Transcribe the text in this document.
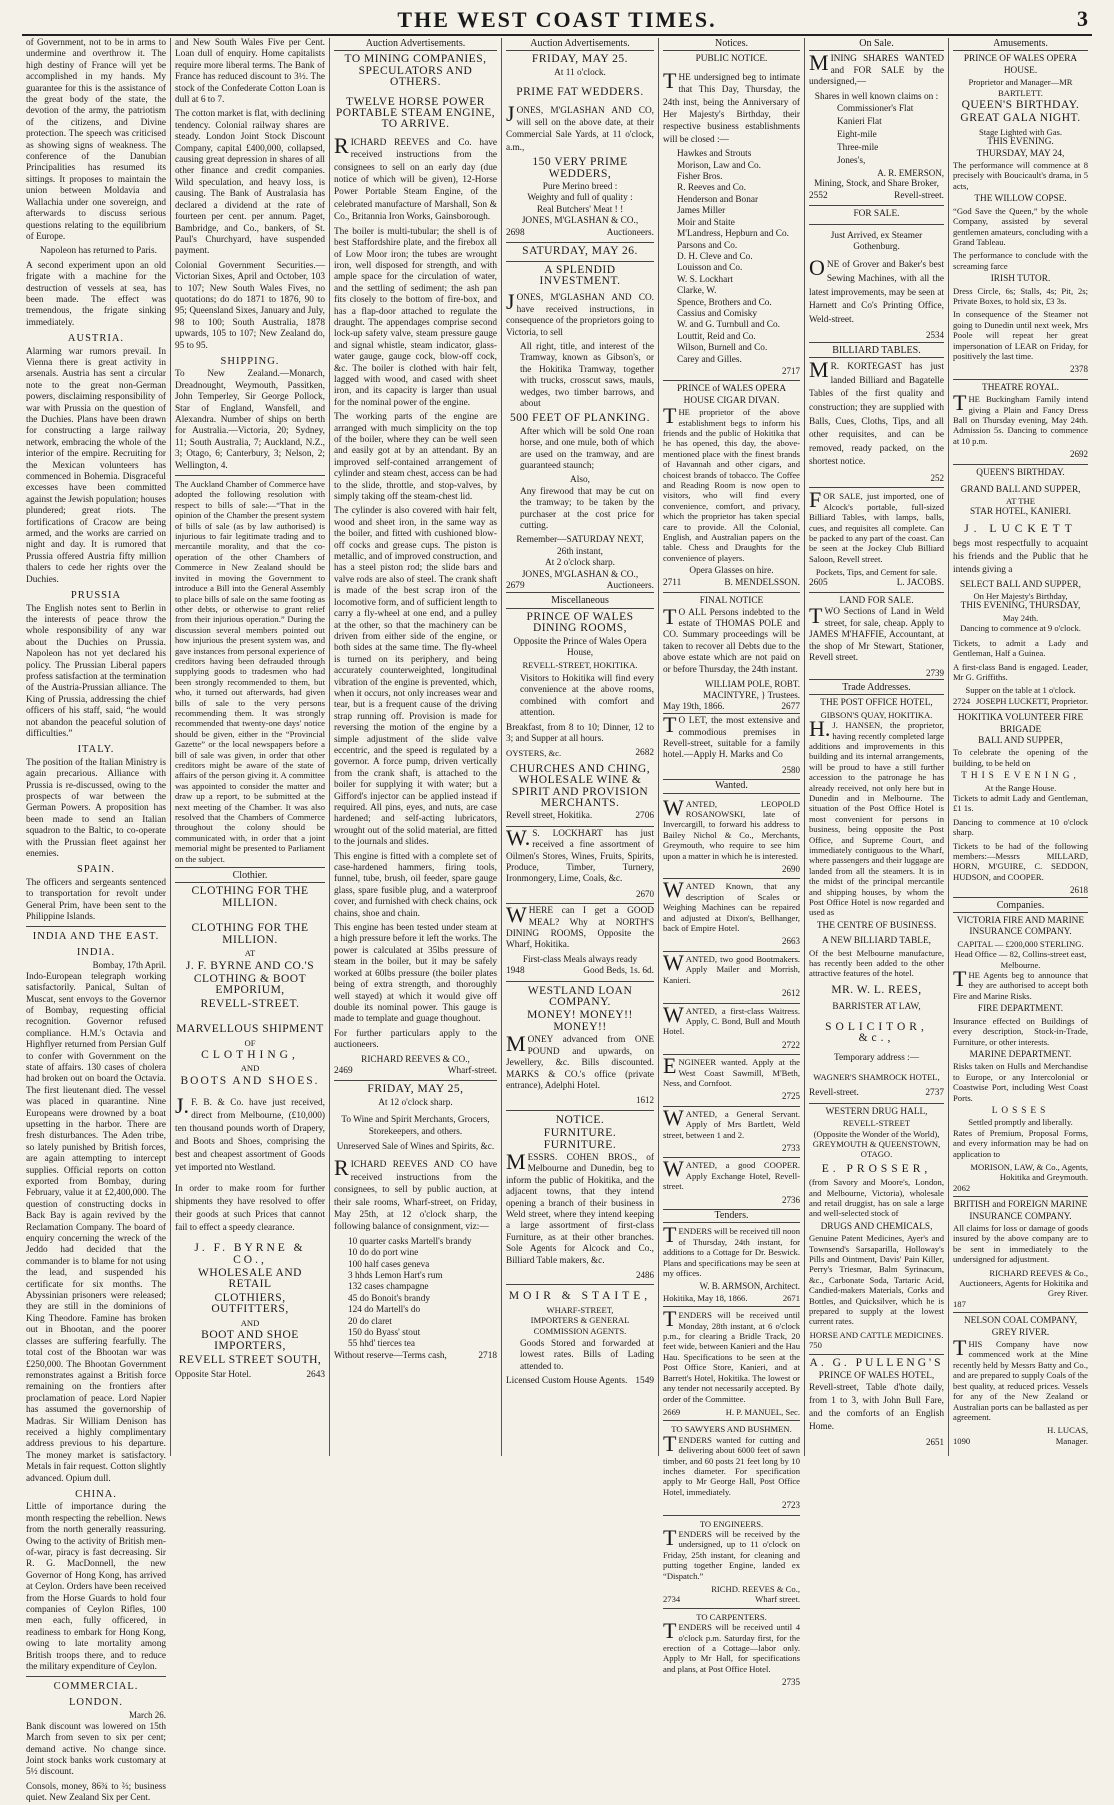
THE WEST COAST TIMES.	3

of Government, not to be in arms to undermine and overthrow it. The high destiny of France will yet be accomplished in my hands. My guarantee for this is the assistance of the great body of the state, the devotion of the army, the patriotism of the citizens, and Divine protection. The speech was criticised as showing signs of weakness. The conference of the Danubian Principalities has resumed its sittings. It proposes to maintain the union between Moldavia and Wallachia under one sovereign, and afterwards to discuss serious questions relating to the equilibrium of Europe.

Napoleon has returned to Paris.

A second experiment upon an old frigate with a machine for the destruction of vessels at sea, has been made. The effect was tremendous, the frigate sinking immediately.

AUSTRIA.

Alarming war rumors prevail. In Vienna there is great activity in arsenals. Austria has sent a circular note to the great non-German powers, disclaiming responsibility of war with Prussia on the question of the Duchies. Plans have been drawn for constructing a large railway network, embracing the whole of the interior of the empire. Recruiting for the Mexican volunteers has commenced in Bohemia. Disgraceful excesses have been committed against the Jewish population; houses plundered; great riots. The fortifications of Cracow are being armed, and the works are carried on night and day. It is rumored that Prussia offered Austria fifty million thalers to cede her rights over the Duchies.

PRUSSIA

The English notes sent to Berlin in the interests of peace throw the whole responsibility of any war about the Duchies on Prussia. Napoleon has not yet declared his policy. The Prussian Liberal papers profess satisfaction at the termination of the Austria-Prussian alliance. The King of Prussia, addressing the chief officers of his staff, said, “he would not abandon the peaceful solution of difficulties.”

ITALY.

The position of the Italian Ministry is again precarious. Alliance with Prussia is re-discussed, owing to the prospects of war between the German Powers. A proposition has been made to send an Italian squadron to the Baltic, to co-operate with the Prussian fleet against her enemies.

SPAIN.

The officers and sergeants sentenced to transportation for revolt under General Prim, have been sent to the Philippine Islands.

INDIA AND THE EAST.
INDIA.
Bombay, 17th April.

Indo-European telegraph working satisfactorily. Panical, Sultan of Muscat, sent envoys to the Governor of Bombay, requesting official recognition. Governor refused compliance. H.M.'s Octavia and Highflyer returned from Persian Gulf to confer with Government on the state of affairs. 130 cases of cholera had broken out on board the Octavia. The first lieutenant died. The vessel was placed in quarantine. Nine Europeans were drowned by a boat upsetting in the harbor. There are fresh disturbances. The Aden tribe, so lately punished by British forces, are again attempting to intercept supplies. Official reports on cotton exported from Bombay, during February, value it at £2,400,000. The question of constructing docks in Back Bay is again revived by the Reclamation Company. The board of enquiry concerning the wreck of the Jeddo had decided that the commander is to blame for not using the lead, and suspended his certificate for six months. The Abyssinian prisoners were released; they are still in the dominions of King Theodore. Famine has broken out in Bhootan, and the poorer classes are suffering fearfully. The total cost of the Bhootan war was £250,000. The Bhootan Government remonstrates against a British force remaining on the frontiers after proclamation of peace. Lord Napier has assumed the governorship of Madras. Sir William Denison has received a highly complimentary address previous to his departure. The money market is satisfactory. Metals in fair request. Cotton slightly advanced. Opium dull.

CHINA.

Little of importance during the month respecting the rebellion. News from the north generally reassuring. Owing to the activity of British men-of-war, piracy is fast decreasing. Sir R. G. MacDonnell, the new Governor of Hong Kong, has arrived at Ceylon. Orders have been received from the Horse Guards to hold four companies of Ceylon Rifles, 100 men each, fully officered, in readiness to embark for Hong Kong, owing to late mortality among British troops there, and to reduce the military expenditure of Ceylon.

COMMERCIAL.
LONDON.
March 26.

Bank discount was lowered on 15th March from seven to six per cent; demand active. No change since. Joint stock banks work customary at 5½ discount.

Consols, money, 86¾ to ⅔; business quiet. New Zealand Six per Cent.

and New South Wales Five per Cent. Loan dull of enquiry. Home capitalists require more liberal terms. The Bank of France has reduced discount to 3½. The stock of the Confederate Cotton Loan is dull at 6 to 7.

The cotton market is flat, with declining tendency. Colonial railway shares are steady. London Joint Stock Discount Company, capital £400,000, collapsed, causing great depression in shares of all other finance and credit companies. Wild speculation, and heavy loss, is causing. The Bank of Australasia has declared a dividend at the rate of fourteen per cent. per annum. Paget, Bambridge, and Co., bankers, of St. Paul's Churchyard, have suspended payment.

Colonial Government Securities.—Victorian Sixes, April and October, 103 to 107; New South Wales Fives, no quotations; do do 1871 to 1876, 90 to 95; Queensland Sixes, January and July, 98 to 100; South Australia, 1878 upwards, 105 to 107; New Zealand do, 95 to 95.

SHIPPING.

To New Zealand.—Monarch, Dreadnought, Weymouth, Passitken, John Temperley, Sir George Pollock, Star of England, Wansfell, and Alexandra. Number of ships on berth for Australia.—Victoria, 20; Sydney, 11; South Australia, 7; Auckland, N.Z., 3; Otago, 6; Canterbury, 3; Nelson, 2; Wellington, 4.

The Auckland Chamber of Commerce have adopted the following resolution with respect to bills of sale:—“That in the opinion of the Chamber the present system of bills of sale (as by law authorised) is injurious to fair legitimate trading and to mercantile morality, and that the co-operation of the other Chambers of Commerce in New Zealand should be invited in moving the Government to introduce a Bill into the General Assembly to place bills of sale on the same footing as other debts, or otherwise to grant relief from their injurious operation.” During the discussion several members pointed out how injurious the present system was, and gave instances from personal experience of creditors having been defrauded through supplying goods to tradesmen who had been strongly recommended to them, but who, it turned out afterwards, had given bills of sale to the very persons recommending them. It was strongly recommended that twenty-one days' notice should be given, either in the “Provincial Gazette” or the local newspapers before a bill of sale was given, in order that other creditors might be aware of the state of affairs of the person giving it. A committee was appointed to consider the matter and draw up a report, to be submitted at the next meeting of the Chamber. It was also resolved that the Chambers of Commerce throughout the colony should be communicated with, in order that a joint memorial might be presented to Parliament on the subject.

Clothier.
CLOTHING FOR THE MILLION.
CLOTHING FOR THE MILLION.
AT
J. F. BYRNE AND CO.'S
CLOTHING & BOOT EMPORIUM,
REVELL-STREET.
MARVELLOUS SHIPMENT
OF
CLOTHING,
AND
BOOTS AND SHOES.

J.F. B. & Co. have just received, direct from Melbourne, (£10,000) ten thousand pounds worth of Drapery, and Boots and Shoes, comprising the best and cheapest assortment of Goods yet imported nto Westland.

In order to make room for further shipments they have resolved to offer their goods at such Prices that cannot fail to effect a speedy clearance.

J. F. BYRNE & CO.,
WHOLESALE AND RETAIL
CLOTHIERS, OUTFITTERS,
AND
BOOT AND SHOE IMPORTERS,
REVELL STREET SOUTH,
Opposite Star Hotel.	2643
Auction Advertisements.
TO MINING COMPANIES, SPECULATORS AND OTHERS.
TWELVE HORSE POWER PORTABLE STEAM ENGINE, TO ARRIVE.

RICHARD REEVES and Co. have received instructions from the consignees to sell on an early day (due notice of which will be given), 12-Horse Power Portable Steam Engine, of the celebrated manufacture of Marshall, Son & Co., Britannia Iron Works, Gainsborough.

The boiler is multi-tubular; the shell is of best Staffordshire plate, and the firebox all of Low Moor iron; the tubes are wrought iron, well disposed for strength, and with ample space for the circulation of water, and the settling of sediment; the ash pan fits closely to the bottom of fire-box, and has a flap-door attached to regulate the draught. The appendages comprise second lock-up safety valve, steam pressure gauge and signal whistle, steam indicator, glass-water gauge, gauge cock, blow-off cock, &c. The boiler is clothed with hair felt, lagged with wood, and cased with sheet iron, and its capacity is larger than usual for the nominal power of the engine.

The working parts of the engine are arranged with much simplicity on the top of the boiler, where they can be well seen and easily got at by an attendant. By an improved self-contained arrangement of cylinder and steam chest, access can be had to the slide, throttle, and stop-valves, by simply taking off the steam-chest lid.

The cylinder is also covered with hair felt, wood and sheet iron, in the same way as the boiler, and fitted with cushioned blow-off cocks and grease cups. The piston is metallic, and of improved construction, and has a steel piston rod; the slide bars and valve rods are also of steel. The crank shaft is made of the best scrap iron of the locomotive form, and of sufficient length to carry a fly-wheel at one end, and a pulley at the other, so that the machinery can be driven from either side of the engine, or both sides at the same time. The fly-wheel is turned on its periphery, and being accurately counterweighted, longitudinal vibration of the engine is prevented, which, when it occurs, not only increases wear and tear, but is a frequent cause of the driving strap running off. Provision is made for reversing the motion of the engine by a simple adjustment of the slide valve eccentric, and the speed is regulated by a governor. A force pump, driven vertically from the crank shaft, is attached to the boiler for supplying it with water; but a Gifford's injector can be applied instead if required. All pins, eyes, and nuts, are case hardened; and self-acting lubricators, wrought out of the solid material, are fitted to the journals and slides.

This engine is fitted with a complete set of case-hardened hammers, firing tools, funnel, tube, brush, oil feeder, spare gauge glass, spare fusible plug, and a waterproof cover, and furnished with check chains, ock chains, shoe and chain.

This engine has been tested under steam at a high pressure before it left the works. The power is calculated at 35lbs pressure of steam in the boiler, but it may be safely worked at 60lbs pressure (the boiler plates being of extra strength, and thoroughly well stayed) at which it would give off double its nominal power. This gauge is made to template and guage thoughout.

For further particulars apply to the auctioneers.

RICHARD REEVES & CO.,
2469	Wharf-street.
FRIDAY, MAY 25,
At 12 o'clock sharp.
To Wine and Spirit Merchants, Grocers, Storekeepers, and others.
Unreserved Sale of Wines and Spirits, &c.

RICHARD REEVES AND CO have received instructions from the consignees, to sell by public auction, at their sale rooms, Wharf-street, on Friday, May 25th, at 12 o'clock sharp, the following balance of consignment, viz:—

10 quarter casks Martell's brandy
10 do do port wine
100 half cases geneva
3 hhds Lemon Hart's rum
132 cases champagne
45 do Bonoit's brandy
124 do Martell's do
20 do claret
150 do Byass' stout
55 hhd' tierces tea
Without reserve—Terms cash,	2718
Auction Advertisements.
FRIDAY, MAY 25.
At 11 o'clock.
PRIME FAT WEDDERS.

JONES, M'GLASHAN AND CO, will sell on the above date, at their Commercial Sale Yards, at 11 o'clock, a.m.,

150 VERY PRIME WEDDERS,
Pure Merino breed :
Weighty and full of quality :
Real Butchers' Meat ! !
JONES, M'GLASHAN & CO.,
2698	Auctioneers.
SATURDAY, MAY 26.
A SPLENDID INVESTMENT.

JONES, M'GLASHAN AND CO. have received instructions, in consequence of the proprietors going to Victoria, to sell

All right, title, and interest of the Tramway, known as Gibson's, or the Hokitika Tramway, together with trucks, crosscut saws, mauls, wedges, two timber barrows, and about

500 FEET OF PLANKING.

After which will be sold One roan horse, and one mule, both of which are used on the tramway, and are guaranteed staunch;

Also,

Any firewood that may be cut on the tramway; to be taken by the purchaser at the cost price for cutting.

Remember—SATURDAY NEXT,
26th instant,
At 2 o'clock sharp.
JONES, M'GLASHAN & CO.,
2679	Auctioneers.
Miscellaneous
PRINCE OF WALES DINING ROOMS,
Opposite the Prince of Wales Opera House,
REVELL-STREET, HOKITIKA.

Visitors to Hokitika will find every convenience at the above rooms, combined with comfort and attention.

Breakfast, from 8 to 10; Dinner, 12 to 3; and Supper at all hours.

OYSTERS, &c.	2682
CHURCHES AND CHING, WHOLESALE WINE & SPIRIT AND PROVISION MERCHANTS.
Revell street, Hokitika.	2706

W.S. LOCKHART has just received a fine assortment of Oilmen's Stores, Wines, Fruits, Spirits, Produce, Timber, Turnery, Ironmongery, Lime, Coals, &c.

2670

WHERE can I get a GOOD MEAL? Why at NORTH'S DINING ROOMS, Opposite the Wharf, Hokitika.

First-class Meals always ready
1948	Good Beds, 1s. 6d.
WESTLAND LOAN COMPANY.
MONEY! MONEY!! MONEY!!

MONEY advanced from ONE POUND and upwards, on Jewellery, &c. Bills discounted. MARKS & CO.'s office (private entrance), Adelphi Hotel.

1612
NOTICE.
FURNITURE. FURNITURE.

MESSRS. COHEN BROS., of Melbourne and Dunedin, beg to inform the public of Hokitika, and the adjacent towns, that they intend opening a branch of their business in Weld street, where they intend keeping a large assortment of first-class Furniture, as at their other branches. Sole Agents for Alcock and Co., Billiard Table makers, &c.

2486
MOIR & STAITE,
WHARF-STREET,
IMPORTERS & GENERAL COMMISSION AGENTS.

Goods Stored and forwarded at lowest rates. Bills of Lading attended to.

Licensed Custom House Agents. 1549
Notices.
PUBLIC NOTICE.

THE undersigned beg to intimate that This Day, Thursday, the 24th inst, being the Anniversary of Her Majesty's Birthday, their respective business establishments will be closed :—

Hawkes and Strouts
Morison, Law and Co.
Fisher Bros.
R. Reeves and Co.
Henderson and Bonar
James Miller
Moir and Staite
M'Landress, Hepburn and Co.
Parsons and Co.
D. H. Cleve and Co.
Louisson and Co.
W. S. Lockhart
Clarke, W.
Spence, Brothers and Co.
Cassius and Comisky
W. and G. Turnbull and Co.
Louttit, Reid and Co.
Wilson, Burnell and Co.
Carey and Gilles.
2717
PRINCE of WALES OPERA HOUSE CIGAR DIVAN.

THE proprietor of the above establishment begs to inform his friends and the public of Hokitika that he has opened, this day, the above-mentioned place with the finest brands of Havannah and other cigars, and choicest brands of tobacco. The Coffee and Reading Room is now open to visitors, who will find every convenience, comfort, and privacy, which the proprietor has taken special care to provide. All the Colonial, English, and Australian papers on the table. Chess and Draughts for the convenience of players.

Opera Glasses on hire.
2711	B. MENDELSSON.
FINAL NOTICE

TO ALL Persons indebted to the estate of THOMAS POLE and CO. Summary proceedings will be taken to recover all Debts due to the above estate which are not paid on or before Thursday, the 24th instant.

WILLIAM POLE, ROBT. MACINTYRE, } Trustees.
May 19th, 1866.	2677

TO LET, the most extensive and commodious premises in Revell-street, suitable for a family hotel.—Apply H. Marks and Co

2580
Wanted.

WANTED, LEOPOLD ROSANOWSKI, late of Invercargill, to forward his address to Bailey Nichol & Co., Merchants, Greymouth, who require to see him upon a matter in which he is interested.

2690

WANTED Known, that any description of Scales or Weighing Machines can be repaired and adjusted at Dixon's, Bellhanger, back of Empire Hotel.

2663

WANTED, two good Bootmakers. Apply Mailer and Morrish, Kanieri.

2612

WANTED, a first-class Waitress. Apply, C. Bond, Bull and Mouth Hotel.

2722

ENGINEER wanted. Apply at the West Coast Sawmill, M'Beth, Ness, and Cornfoot.

2725

WANTED, a General Servant. Apply of Mrs Bartlett, Weld street, between 1 and 2.

2733

WANTED, a good COOPER. Apply Exchange Hotel, Revell-street.

2736
Tenders.

TENDERS will be received till noon of Thursday, 24th instant, for additions to a Cottage for Dr. Beswick. Plans and specifications may be seen at my offices.

W. B. ARMSON, Architect.
Hokitika, May 18, 1866.	2671

TENDERS will be received until Monday, 28th instant, at 6 o'clock p.m., for clearing a Bridle Track, 20 feet wide, between Kanieri and the Hau Hau. Specifications to be seen at the Post Office Store, Kanieri, and at Barrett's Hotel, Hokitika. The lowest or any tender not necessarily accepted. By order of the Committee.

2669	H. P. MANUEL, Sec.
TO SAWYERS AND BUSHMEN.

TENDERS wanted for cutting and delivering about 6000 feet of sawn timber, and 60 posts 21 feet long by 10 inches diameter. For specification apply to Mr George Hall, Post Office Hotel, immediately.

2723
TO ENGINEERS.

TENDERS will be received by the undersigned, up to 11 o'clock on Friday, 25th instant, for cleaning and putting together Engine, landed ex “Dispatch.”

RICHD. REEVES & Co.,
2734	Wharf street.
TO CARPENTERS.

TENDERS will be received until 4 o'clock p.m. Saturday first, for the erection of a Cottage—labor only. Apply to Mr Hall, for specifications and plans, at Post Office Hotel.

2735
On Sale.

MINING SHARES WANTED and FOR SALE by the undersigned,—

Shares in well known claims on :
Commissioner's Flat
Kanieri Flat
Eight-mile
Three-mile
Jones's,
A. R. EMERSON,
Mining, Stock, and Share Broker,
2552	Revell-street.
FOR SALE.
Just Arrived, ex Steamer Gothenburg.

ONE of Grover and Baker's best Sewing Machines, with all the latest improvements, may be seen at Harnett and Co's Printing Office, Weld-street.

2534
BILLIARD TABLES.

MR. KORTEGAST has just landed Billiard and Bagatelle Tables of the first quality and construction; they are supplied with Balls, Cues, Cloths, Tips, and all other requisites, and can be removed, ready packed, on the shortest notice.

252

FOR SALE, just imported, one of Alcock's portable, full-sized Billiard Tables, with lamps, balls, cues, and requisites all complete. Can be packed to any part of the coast. Can be seen at the Jockey Club Billiard Saloon, Revell street.

Pockets, Tips, and Cement for sale.
2605	L. JACOBS.
LAND FOR SALE.

TWO Sections of Land in Weld street, for sale, cheap. Apply to JAMES M'HAFFIE, Accountant, at the shop of Mr Stewart, Stationer, Revell street.

2739
Trade Addresses.
THE POST OFFICE HOTEL,
GIBSON'S QUAY, HOKITIKA.

H.J. HANSEN, the proprietor, having recently completed large additions and improvements in this building and its internal arrangements, will be proud to have a still further accession to the patronage he has already received, not only here but in Dunedin and in Melbourne. The situation of the Post Office Hotel is most convenient for persons in business, being opposite the Post Office, and Supreme Court, and immediately contiguous to the Wharf, where passengers and their luggage are landed from all the steamers. It is in the midst of the principal mercantile and shipping houses, by whom the Post Office Hotel is now regarded and used as

THE CENTRE OF BUSINESS.
A NEW BILLIARD TABLE,

Of the best Melbourne manufacture, has recently been added to the other attractive features of the hotel.

MR. W. L. REES,
BARRISTER AT LAW,
SOLICITOR, &c.,
Temporary address :—
WAGNER'S SHAMROCK HOTEL,
Revell-street.	2737
WESTERN DRUG HALL,
REVELL-STREET
(Opposite the Wonder of the World),
GREYMOUTH & QUEENSTOWN,
OTAGO.
E. PROSSER,

(from Savory and Moore's, London, and Melbourne, Victoria), wholesale and retail druggist, has on sale a large and well-selected stock of

DRUGS AND CHEMICALS,

Genuine Patent Medicines, Ayer's and Townsend's Sarsaparilla, Holloway's Pills and Ointment, Davis' Pain Killer, Perry's Triesmar, Balm Syrinacum, &c., Carbonate Soda, Tartaric Acid, Candied-makers Materials, Corks and Bottles, and Quicksilver, which he is prepared to supply at the lowest current rates.

HORSE AND CATTLE MEDICINES.
750
A. G. PULLENG'S
PRINCE OF WALES HOTEL,

Revell-street, Table d'hote daily, from 1 to 3, with John Bull Fare, and the comforts of an English Home.

2651
Amusements.
PRINCE OF WALES OPERA HOUSE.
Proprietor and Manager—MR BARTLETT.
QUEEN'S BIRTHDAY.
GREAT GALA NIGHT.
Stage Lighted with Gas.
THIS EVENING.
THURSDAY, MAY 24,

The performance will commence at 8 precisely with Boucicault's drama, in 5 acts,

THE WILLOW COPSE.

“God Save the Queen,” by the whole Company, assisted by several gentlemen amateurs, concluding with a Grand Tableau.

The performance to conclude with the screaming farce

IRISH TUTOR.

Dress Circle, 6s; Stalls, 4s; Pit, 2s; Private Boxes, to hold six, £3 3s.

In consequence of the Steamer not going to Dunedin until next week, Mrs Poole will repeat her great impersonation of LEAR on Friday, for positively the last time.

2378
THEATRE ROYAL.

THE Buckingham Family intend giving a Plain and Fancy Dress Ball on Thursday evening, May 24th. Admission 5s. Dancing to commence at 10 p.m.

2692
QUEEN'S BIRTHDAY.
GRAND BALL AND SUPPER,
AT THE
STAR HOTEL, KANIERI.
J. LUCKETT

begs most respectfully to acquaint his friends and the Public that he intends giving a

SELECT BALL AND SUPPER,
On Her Majesty's Birthday,
THIS EVENING, THURSDAY,
May 24th.
Dancing to commence at 9 o'clock.

Tickets, to admit a Lady and Gentleman, Half a Guinea.

A first-class Band is engaged. Leader, Mr G. Griffiths.

Supper on the table at 1 o'clock.
2724 JOSEPH LUCKETT, Proprietor.
HOKITIKA VOLUNTEER FIRE BRIGADE
BALL AND SUPPER,

To celebrate the opening of the building, to be held on

THIS EVENING,
At the Range House.

Tickets to admit Lady and Gentleman, £1 1s.

Dancing to commence at 10 o'clock sharp.

Tickets to be had of the following members:—Messrs MILLARD, HORN, M'GUIRE, C. SEDDON, HUDSON, and COOPER.

2618
Companies.
VICTORIA FIRE AND MARINE INSURANCE COMPANY.
CAPITAL — £200,000 STERLING.
Head Office — 82, Collins-street east, Melbourne.

THE Agents beg to announce that they are authorised to accept both Fire and Marine Risks.

FIRE DEPARTMENT.

Insurance effected on Buildings of every description, Stock-in-Trade, Furniture, or other interests.

MARINE DEPARTMENT.

Risks taken on Hulls and Merchandise to Europe, or any Intercolonial or Coastwise Port, including West Coast Ports.

LOSSES
Settled promptly and liberally.

Rates of Premium, Proposal Forms, and every information may be had on application to

MORISON, LAW, & Co., Agents, Hokitika and Greymouth.
2062
BRITISH and FOREIGN MARINE INSURANCE COMPANY.

All claims for loss or damage of goods insured by the above company are to be sent in immediately to the undersigned for adjustment.

RICHARD REEVES & Co., Auctioneers, Agents for Hokitika and Grey River.
187
NELSON COAL COMPANY, GREY RIVER.

THIS Company have now commenced work at the Mine recently held by Messrs Batty and Co., and are prepared to supply Coals of the best quality, at reduced prices. Vessels for any of the New Zealand or Australian ports can be ballasted as per agreement.

H. LUCAS,
1090	Manager.
